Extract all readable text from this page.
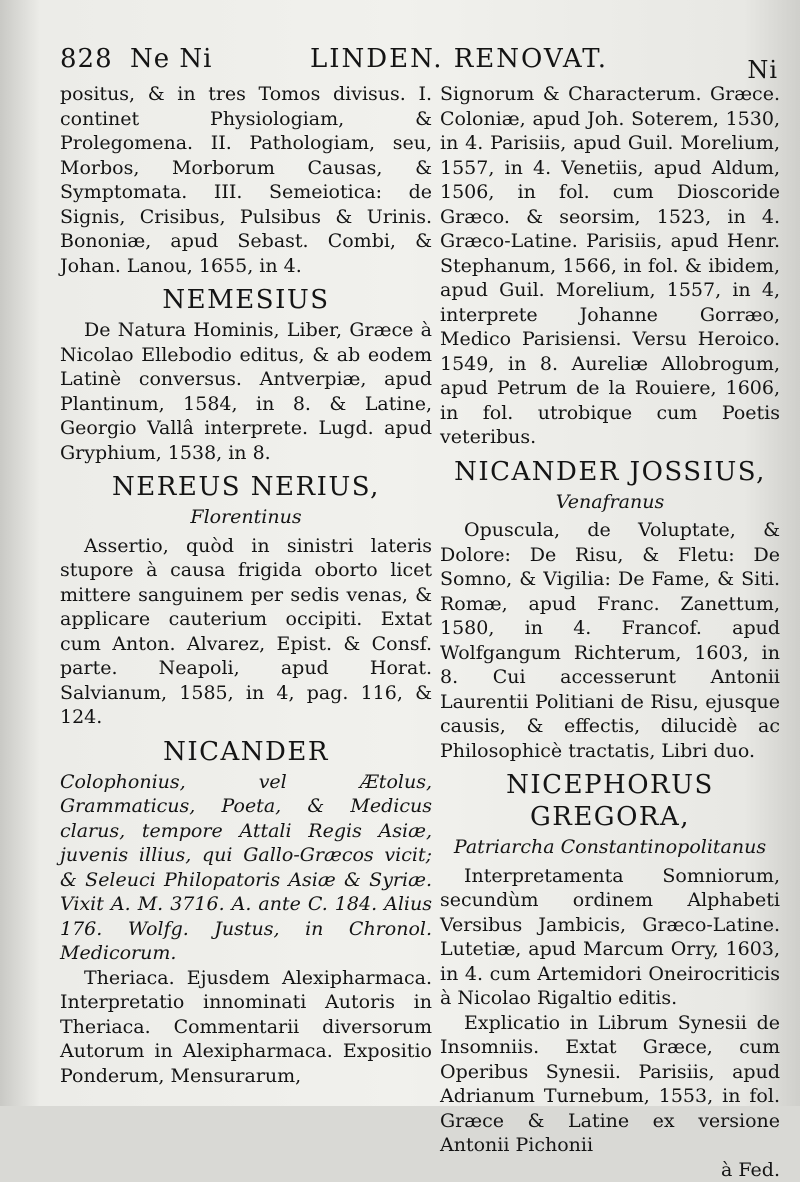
828 Ne Ni	LINDEN. RENOVAT.	Ni

positus, & in tres Tomos divisus. I. continet Physiologiam, & Prolegomena. II. Pathologiam, seu, Morbos, Morborum Causas, & Symptomata. III. Semeiotica: de Signis, Crisibus, Pulsibus & Urinis. Bononiæ, apud Sebast. Combi, & Johan. Lanou, 1655, in 4.

NEMESIUS

De Natura Hominis, Liber, Græce à Nicolao Ellebodio editus, & ab eodem Latinè conversus. Antverpiæ, apud Plantinum, 1584, in 8. & Latine, Georgio Vallâ interprete. Lugd. apud Gryphium, 1538, in 8.

NEREUS NERIUS,

Florentinus

Assertio, quòd in sinistri lateris stupore à causa frigida oborto licet mittere sanguinem per sedis venas, & applicare cauterium occipiti. Extat cum Anton. Alvarez, Epist. & Consf. parte. Neapoli, apud Horat. Salvianum, 1585, in 4, pag. 116, & 124.

NICANDER

Colophonius, vel Ætolus, Grammaticus, Poeta, & Medicus clarus, tempore Attali Regis Asiæ, juvenis illius, qui Gallo-Græcos vicit; & Seleuci Philopatoris Asiæ & Syriæ. Vixit A. M. 3716. A. ante C. 184. Alius 176. Wolfg. Justus, in Chronol. Medicorum.

Theriaca. Ejusdem Alexipharmaca. Interpretatio innominati Autoris in Theriaca. Commentarii diversorum Autorum in Alexipharmaca. Expositio Ponderum, Mensurarum,

Signorum & Characterum. Græce. Coloniæ, apud Joh. Soterem, 1530, in 4. Parisiis, apud Guil. Morelium, 1557, in 4. Venetiis, apud Aldum, 1506, in fol. cum Dioscoride Græco. & seorsim, 1523, in 4. Græco-Latine. Parisiis, apud Henr. Stephanum, 1566, in fol. & ibidem, apud Guil. Morelium, 1557, in 4, interprete Johanne Gorræo, Medico Parisiensi. Versu Heroico. 1549, in 8. Aureliæ Allobrogum, apud Petrum de la Rouiere, 1606, in fol. utrobique cum Poetis veteribus.

NICANDER JOSSIUS,

Venafranus

Opuscula, de Voluptate, & Dolore: De Risu, & Fletu: De Somno, & Vigilia: De Fame, & Siti. Romæ, apud Franc. Zanettum, 1580, in 4. Francof. apud Wolfgangum Richterum, 1603, in 8. Cui accesserunt Antonii Laurentii Politiani de Risu, ejusque causis, & effectis, dilucidè ac Philosophicè tractatis, Libri duo.

NICEPHORUS GREGORA,

Patriarcha Constantinopolitanus

Interpretamenta Somniorum, secundùm ordinem Alphabeti Versibus Jambicis, Græco-Latine. Lutetiæ, apud Marcum Orry, 1603, in 4. cum Artemidori Oneirocriticis à Nicolao Rigaltio editis.

Explicatio in Librum Synesii de Insomniis. Extat Græce, cum Operibus Synesii. Parisiis, apud Adrianum Turnebum, 1553, in fol. Græce & Latine ex versione Antonii Pichonii

à Fed.
